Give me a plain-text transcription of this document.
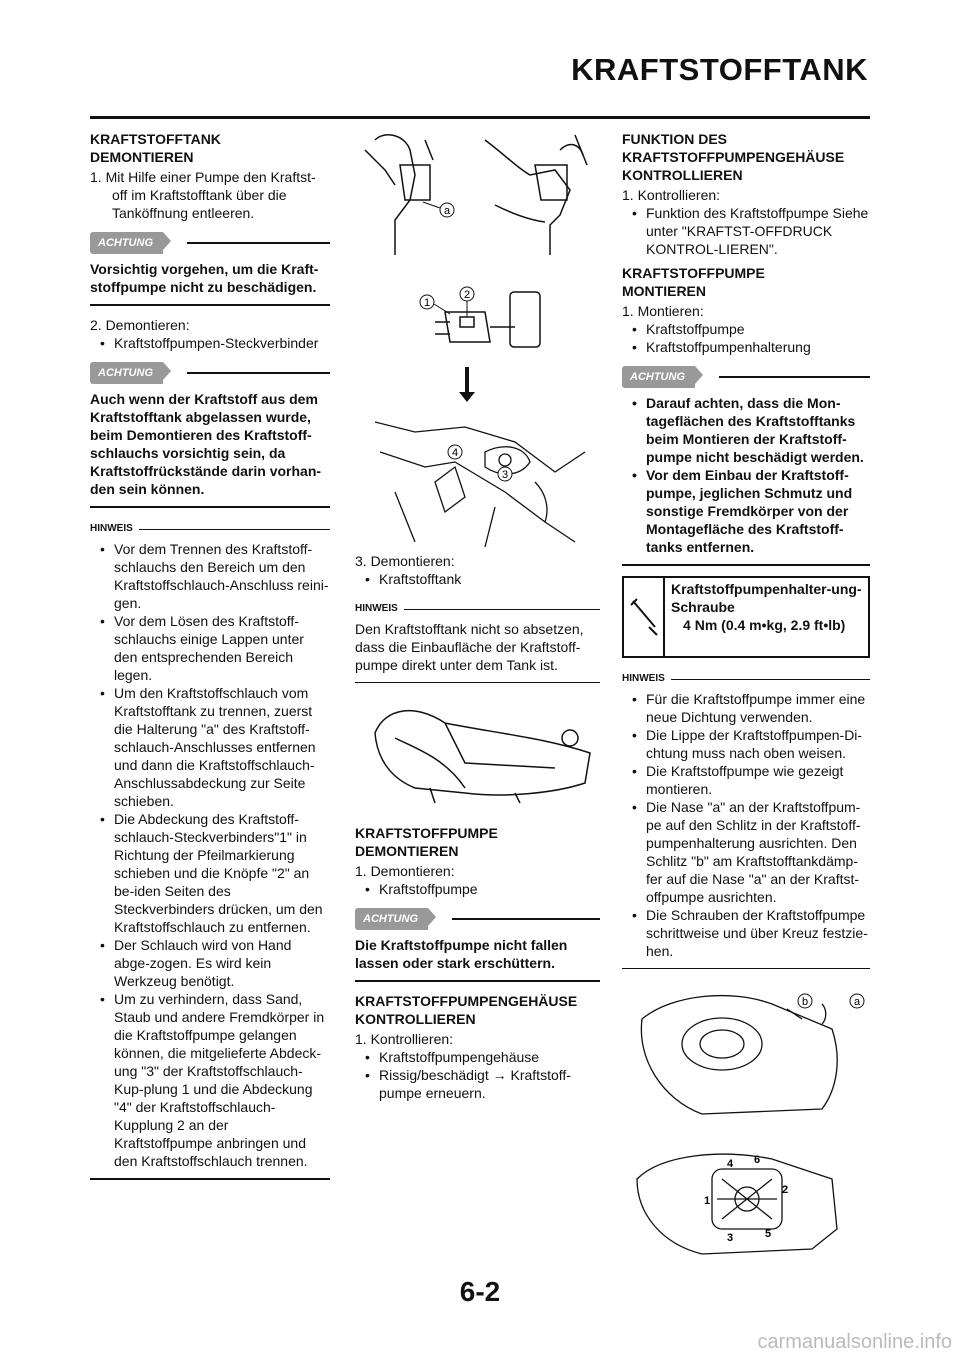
KRAFTSTOFFTANK

KRAFTSTOFFTANK
DEMONTIEREN

1. Mit Hilfe einer Pumpe den Kraftst-off im Kraftstofftank über die Tanköffnung entleeren.

ACHTUNG

Vorsichtig vorgehen, um die Kraft-stoffpumpe nicht zu beschädigen.

2. Demontieren:

• Kraftstoffpumpen-Steckverbinder

ACHTUNG

Auch wenn der Kraftstoff aus dem Kraftstofftank abgelassen wurde, beim Demontieren des Kraftstoff-schlauchs vorsichtig sein, da Kraftstoffrückstände darin vorhan-den sein können.

HINWEIS

• Vor dem Trennen des Kraftstoff-schlauchs den Bereich um den Kraftstoffschlauch-Anschluss reini-gen.

• Vor dem Lösen des Kraftstoff-schlauchs einige Lappen unter den entsprechenden Bereich legen.

• Um den Kraftstoffschlauch vom Kraftstofftank zu trennen, zuerst die Halterung "a" des Kraftstoff-schlauch-Anschlusses entfernen und dann die Kraftstoffschlauch-Anschlussabdeckung zur Seite schieben.

• Die Abdeckung des Kraftstoff-schlauch-Steckverbinders"1" in Richtung der Pfeilmarkierung schieben und die Knöpfe "2" an be-iden Seiten des Steckverbinders drücken, um den Kraftstoffschlauch zu entfernen.

• Der Schlauch wird von Hand abge-zogen. Es wird kein Werkzeug benötigt.

• Um zu verhindern, dass Sand, Staub und andere Fremdkörper in die Kraftstoffpumpe gelangen können, die mitgelieferte Abdeck-ung "3" der Kraftstoffschlauch-Kup-plung 1 und die Abdeckung "4" der Kraftstoffschlauch-Kupplung 2 an der Kraftstoffpumpe anbringen und den Kraftstoffschlauch trennen.

a
1
2
4
3

3. Demontieren:

• Kraftstofftank

HINWEIS

Den Kraftstofftank nicht so absetzen, dass die Einbaufläche der Kraftstoff-pumpe direkt unter dem Tank ist.

KRAFTSTOFFPUMPE
DEMONTIEREN

1. Demontieren:

• Kraftstoffpumpe

ACHTUNG

Die Kraftstoffpumpe nicht fallen lassen oder stark erschüttern.

KRAFTSTOFFPUMPENGEHÄUSE
KONTROLLIEREN

1. Kontrollieren:

• Kraftstoffpumpengehäuse

• Rissig/beschädigt → Kraftstoff-pumpe erneuern.

FUNKTION DES
KRAFTSTOFFPUMPENGEHÄUSE
KONTROLLIEREN

1. Kontrollieren:

• Funktion des Kraftstoffpumpe Siehe unter "KRAFTST-OFFDRUCK KONTROL-LIEREN".

KRAFTSTOFFPUMPE
MONTIEREN

1. Montieren:

• Kraftstoffpumpe

• Kraftstoffpumpenhalterung

ACHTUNG

• Darauf achten, dass die Mon-tageflächen des Kraftstofftanks beim Montieren der Kraftstoff-pumpe nicht beschädigt werden.

• Vor dem Einbau der Kraftstoff-pumpe, jeglichen Schmutz und sonstige Fremdkörper von der Montagefläche des Kraftstoff-tanks entfernen.

Kraftstoffpumpenhalter-ung-Schraube
4 Nm (0.4 m•kg, 2.9 ft•lb)
HINWEIS

• Für die Kraftstoffpumpe immer eine neue Dichtung verwenden.

• Die Lippe der Kraftstoffpumpen-Di-chtung muss nach oben weisen.

• Die Kraftstoffpumpe wie gezeigt montieren.

• Die Nase "a" an der Kraftstoffpum-pe auf den Schlitz in der Kraftstoff-pumpenhalterung ausrichten. Den Schlitz "b" am Kraftstofftankdämp-fer auf die Nase "a" an der Kraftst-offpumpe ausrichten.

• Die Schrauben der Kraftstoffpumpe schrittweise und über Kreuz festzie-hen.

b	a
1
2
3
4
5
6
6-2
carmanualsonline.info
